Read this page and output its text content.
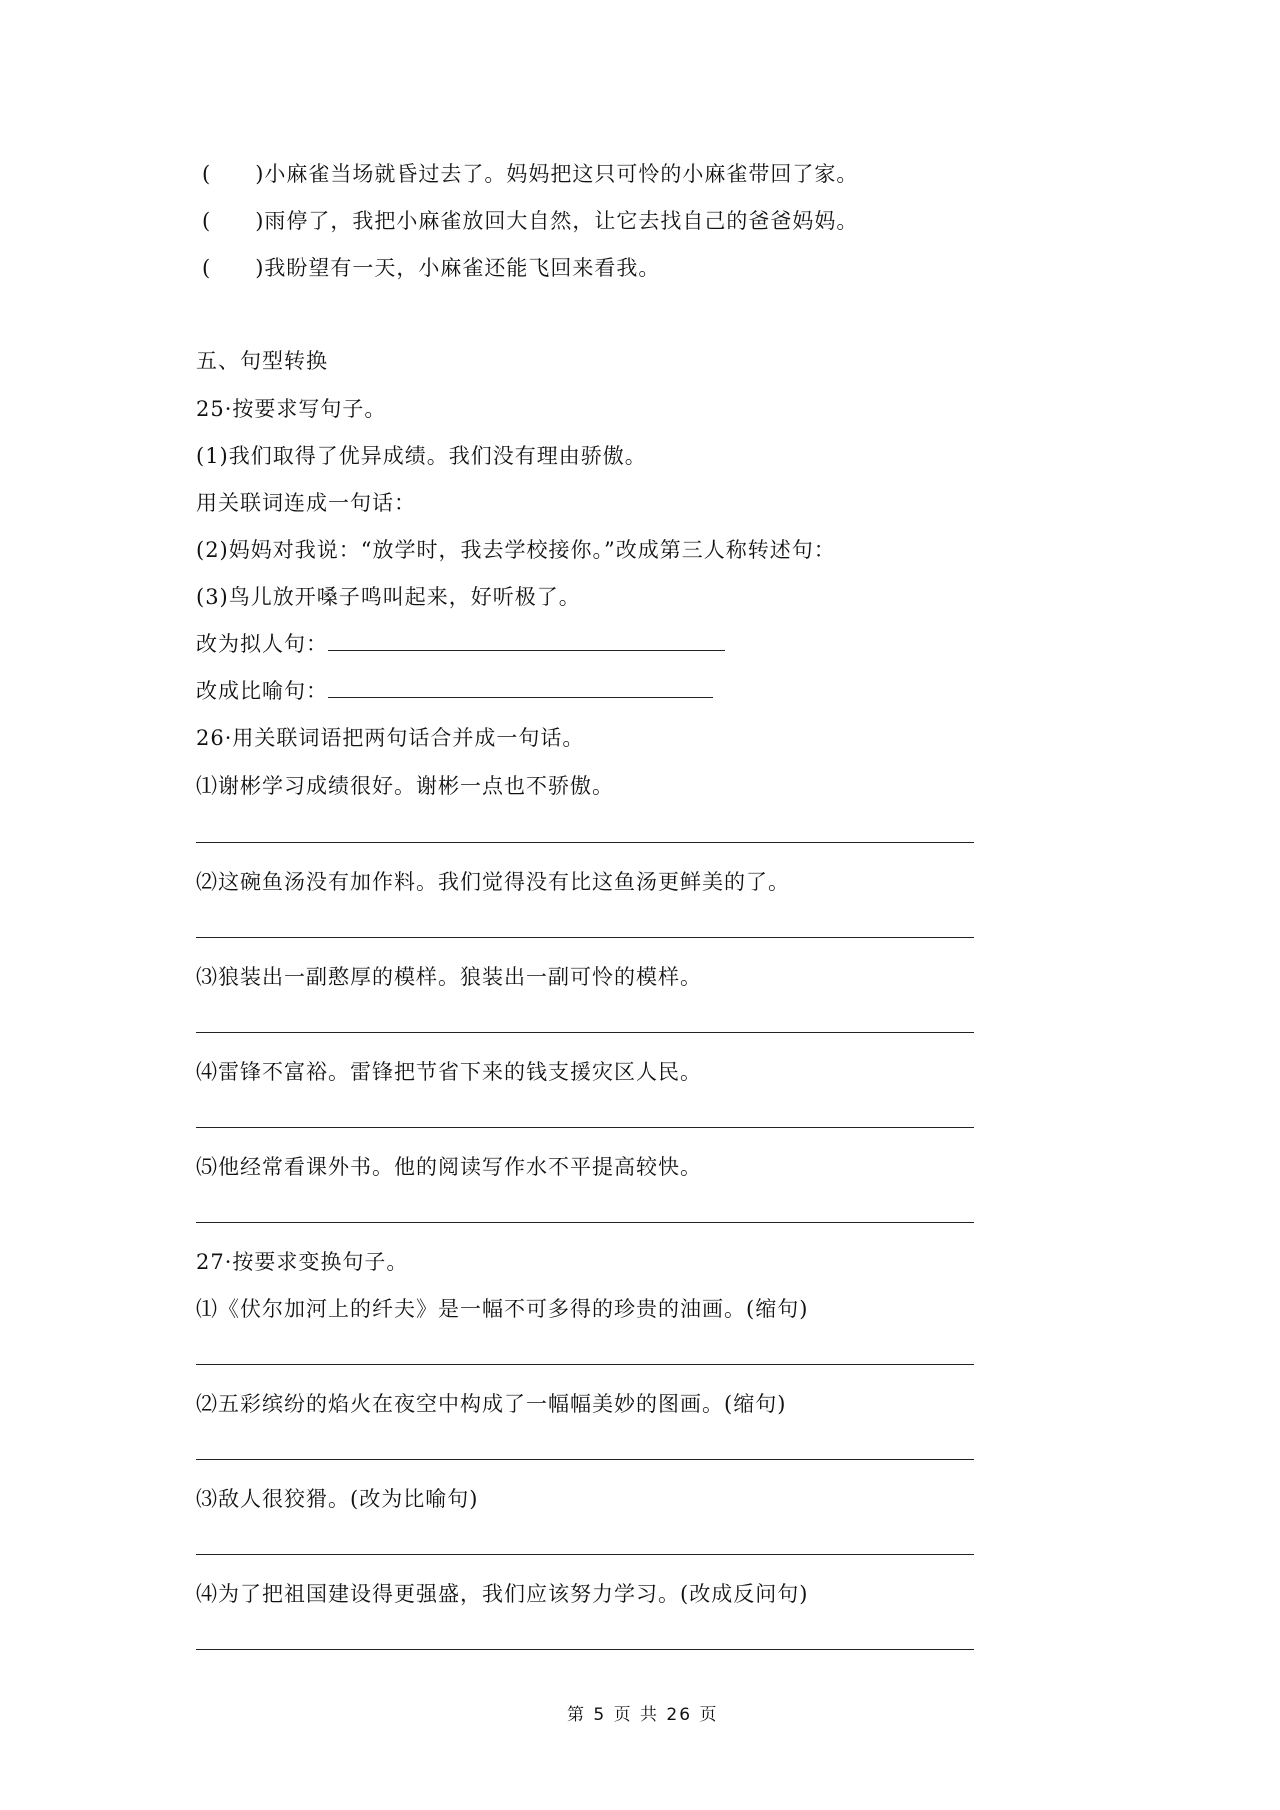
(　　)小麻雀当场就昏过去了。妈妈把这只可怜的小麻雀带回了家。
(　　)雨停了，我把小麻雀放回大自然，让它去找自己的爸爸妈妈。
(　　)我盼望有一天，小麻雀还能飞回来看我。
五、句型转换
25·按要求写句子。
(1)我们取得了优异成绩。我们没有理由骄傲。
用关联词连成一句话：
(2)妈妈对我说：“放学时，我去学校接你。”改成第三人称转述句：
(3)鸟儿放开嗓子鸣叫起来，好听极了。
改为拟人句：
改成比喻句：
26·用关联词语把两句话合并成一句话。
⑴谢彬学习成绩很好。谢彬一点也不骄傲。
⑵这碗鱼汤没有加作料。我们觉得没有比这鱼汤更鲜美的了。
⑶狼装出一副憨厚的模样。狼装出一副可怜的模样。
⑷雷锋不富裕。雷锋把节省下来的钱支援灾区人民。
⑸他经常看课外书。他的阅读写作水不平提高较快。
27·按要求变换句子。
⑴《伏尔加河上的纤夫》是一幅不可多得的珍贵的油画。(缩句)
⑵五彩缤纷的焰火在夜空中构成了一幅幅美妙的图画。(缩句)
⑶敌人很狡猾。(改为比喻句)
⑷为了把祖国建设得更强盛，我们应该努力学习。(改成反问句)
第 5 页 共 26 页
